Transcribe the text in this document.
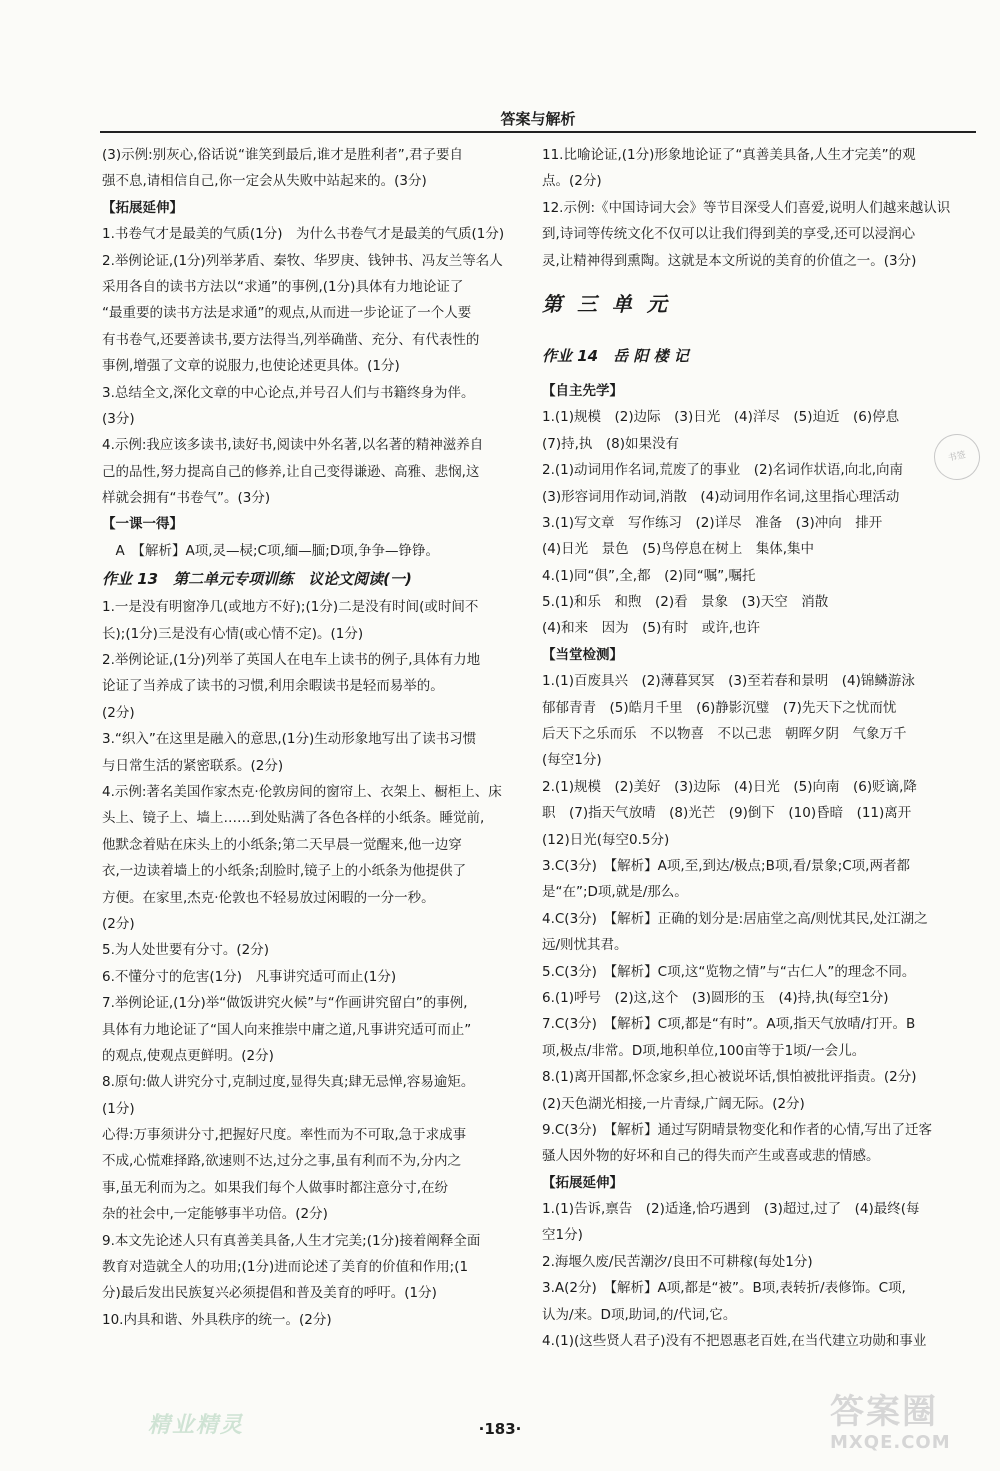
答案与解析
(3)示例:别灰心,俗话说“谁笑到最后,谁才是胜利者”,君子要自
强不息,请相信自己,你一定会从失败中站起来的。(3分)
【拓展延伸】
1.书卷气才是最美的气质(1分)　为什么书卷气才是最美的气质(1分)
2.举例论证,(1分)列举茅盾、秦牧、华罗庚、钱钟书、冯友兰等名人
采用各自的读书方法以“求通”的事例,(1分)具体有力地论证了
“最重要的读书方法是求通”的观点,从而进一步论证了一个人要
有书卷气,还要善读书,要方法得当,列举确凿、充分、有代表性的
事例,增强了文章的说服力,也使论述更具体。(1分)
3.总结全文,深化文章的中心论点,并号召人们与书籍终身为伴。
(3分)
4.示例:我应该多读书,读好书,阅读中外名著,以名著的精神滋养自
己的品性,努力提高自己的修养,让自己变得谦逊、高雅、悲悯,这
样就会拥有“书卷气”。(3分)
【一课一得】
　A　【解析】A项,灵—棂;C项,缅—腼;D项,争争—铮铮。
作业 13　第二单元专项训练　议论文阅读(一)
1.一是没有明窗净几(或地方不好);(1分)二是没有时间(或时间不
长);(1分)三是没有心情(或心情不定)。(1分)
2.举例论证,(1分)列举了英国人在电车上读书的例子,具体有力地
论证了当养成了读书的习惯,利用余暇读书是轻而易举的。
(2分)
3.“织入”在这里是融入的意思,(1分)生动形象地写出了读书习惯
与日常生活的紧密联系。(2分)
4.示例:著名美国作家杰克·伦敦房间的窗帘上、衣架上、橱柜上、床
头上、镜子上、墙上……到处贴满了各色各样的小纸条。睡觉前,
他默念着贴在床头上的小纸条;第二天早晨一觉醒来,他一边穿
衣,一边读着墙上的小纸条;刮脸时,镜子上的小纸条为他提供了
方便。在家里,杰克·伦敦也不轻易放过闲暇的一分一秒。
(2分)
5.为人处世要有分寸。(2分)
6.不懂分寸的危害(1分)　凡事讲究适可而止(1分)
7.举例论证,(1分)举“做饭讲究火候”与“作画讲究留白”的事例,
具体有力地论证了“国人向来推崇中庸之道,凡事讲究适可而止”
的观点,使观点更鲜明。(2分)
8.原句:做人讲究分寸,克制过度,显得失真;肆无忌惮,容易逾矩。
(1分)
心得:万事须讲分寸,把握好尺度。率性而为不可取,急于求成事
不成,心慌难择路,欲速则不达,过分之事,虽有利而不为,分内之
事,虽无利而为之。如果我们每个人做事时都注意分寸,在纷
杂的社会中,一定能够事半功倍。(2分)
9.本文先论述人只有真善美具备,人生才完美;(1分)接着阐释全面
教育对造就全人的功用;(1分)进而论述了美育的价值和作用;(1
分)最后发出民族复兴必须提倡和普及美育的呼吁。(1分)
10.内具和谐、外具秩序的统一。(2分)
11.比喻论证,(1分)形象地论证了“真善美具备,人生才完美”的观
点。(2分)
12.示例:《中国诗词大会》等节目深受人们喜爱,说明人们越来越认识
到,诗词等传统文化不仅可以让我们得到美的享受,还可以浸润心
灵,让精神得到熏陶。这就是本文所说的美育的价值之一。(3分)
第 三 单 元
作业 14　岳 阳 楼 记
【自主先学】
1.(1)规模　(2)边际　(3)日光　(4)洋尽　(5)迫近　(6)停息
(7)持,执　(8)如果没有
2.(1)动词用作名词,荒废了的事业　(2)名词作状语,向北,向南
(3)形容词用作动词,消散　(4)动词用作名词,这里指心理活动
3.(1)写文章　写作练习　(2)详尽　准备　(3)冲向　排开
(4)日光　景色　(5)鸟停息在树上　集体,集中
4.(1)同“俱”,全,都　(2)同“嘱”,嘱托
5.(1)和乐　和煦　(2)看　景象　(3)天空　消散
(4)和来　因为　(5)有时　或许,也许
【当堂检测】
1.(1)百废具兴　(2)薄暮冥冥　(3)至若春和景明　(4)锦鳞游泳
郁郁青青　(5)皓月千里　(6)静影沉璧　(7)先天下之忧而忧
后天下之乐而乐　不以物喜　不以己悲　朝晖夕阴　气象万千
(每空1分)
2.(1)规模　(2)美好　(3)边际　(4)日光　(5)向南　(6)贬谪,降
职　(7)指天气放晴　(8)光芒　(9)倒下　(10)昏暗　(11)离开
(12)日光(每空0.5分)
3.C(3分)　【解析】A项,至,到达/极点;B项,看/景象;C项,两者都
是“在”;D项,就是/那么。
4.C(3分)　【解析】正确的划分是:居庙堂之高/则忧其民,处江湖之
远/则忧其君。
5.C(3分)　【解析】C项,这“览物之情”与“古仁人”的理念不同。
6.(1)呼号　(2)这,这个　(3)圆形的玉　(4)持,执(每空1分)
7.C(3分)　【解析】C项,都是“有时”。A项,指天气放晴/打开。B
项,极点/非常。D项,地积单位,100亩等于1顷/一会儿。
8.(1)离开国都,怀念家乡,担心被说坏话,惧怕被批评指责。(2分)
(2)天色湖光相接,一片青绿,广阔无际。(2分)
9.C(3分)　【解析】通过写阴晴景物变化和作者的心情,写出了迁客
骚人因外物的好坏和自己的得失而产生或喜或悲的情感。
【拓展延伸】
1.(1)告诉,禀告　(2)适逢,恰巧遇到　(3)超过,过了　(4)最终(每
空1分)
2.海堰久废/民苦潮汐/良田不可耕稼(每处1分)
3.A(2分)　【解析】A项,都是“被”。B项,表转折/表修饰。C项,
认为/来。D项,助词,的/代词,它。
4.(1)(这些贤人君子)没有不把恩惠老百姓,在当代建立功勋和事业
书签
·183·
精业精灵	答案圈
MXQE.COM
